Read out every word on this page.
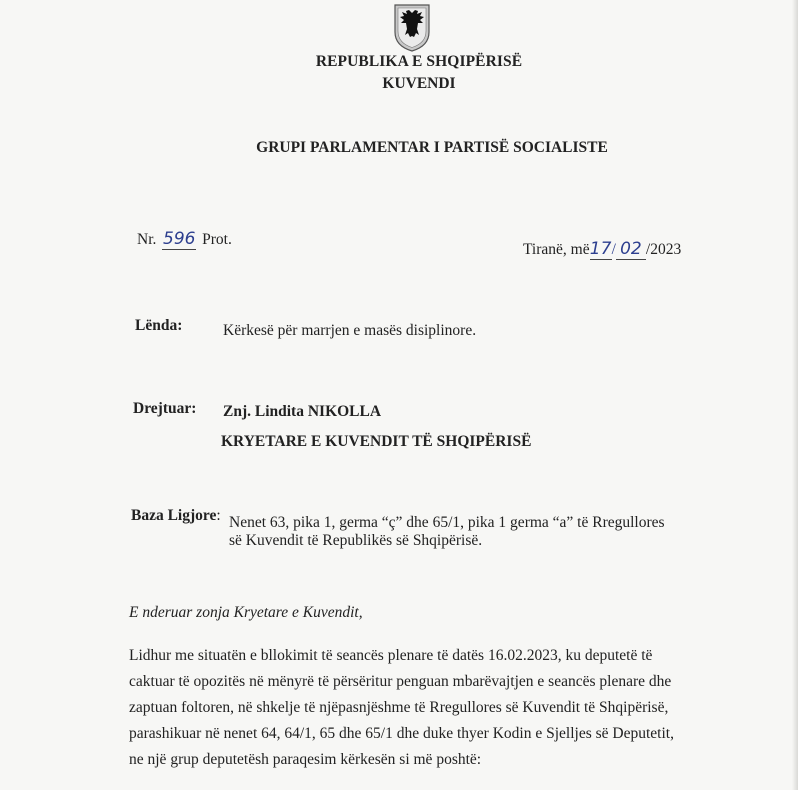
REPUBLIKA E SHQIPËRISË
KUVENDI
GRUPI PARLAMENTAR I PARTISË SOCIALISTE
Nr. 596 Prot.
Tiranë, më17/ 02 /2023
Lënda:	Kërkesë për marrjen e masës disiplinore.
Drejtuar: Znj. Lindita NIKOLLA
KRYETARE E KUVENDIT TË SHQIPËRISË
Baza Ligjore: Nenet 63, pika 1, germa “ç” dhe 65/1, pika 1 germa “a” të Rregullores
së Kuvendit të Republikës së Shqipërisë.
E nderuar zonja Kryetare e Kuvendit,
Lidhur me situatën e bllokimit të seancës plenare të datës 16.02.2023, ku deputetë të
caktuar të opozitës në mënyrë të përsëritur penguan mbarëvajtjen e seancës plenare dhe
zaptuan foltoren, në shkelje të njëpasnjëshme të Rregullores së Kuvendit të Shqipërisë,
parashikuar në nenet 64, 64/1, 65 dhe 65/1 dhe duke thyer Kodin e Sjelljes së Deputetit,
ne një grup deputetësh paraqesim kërkesën si më poshtë:
